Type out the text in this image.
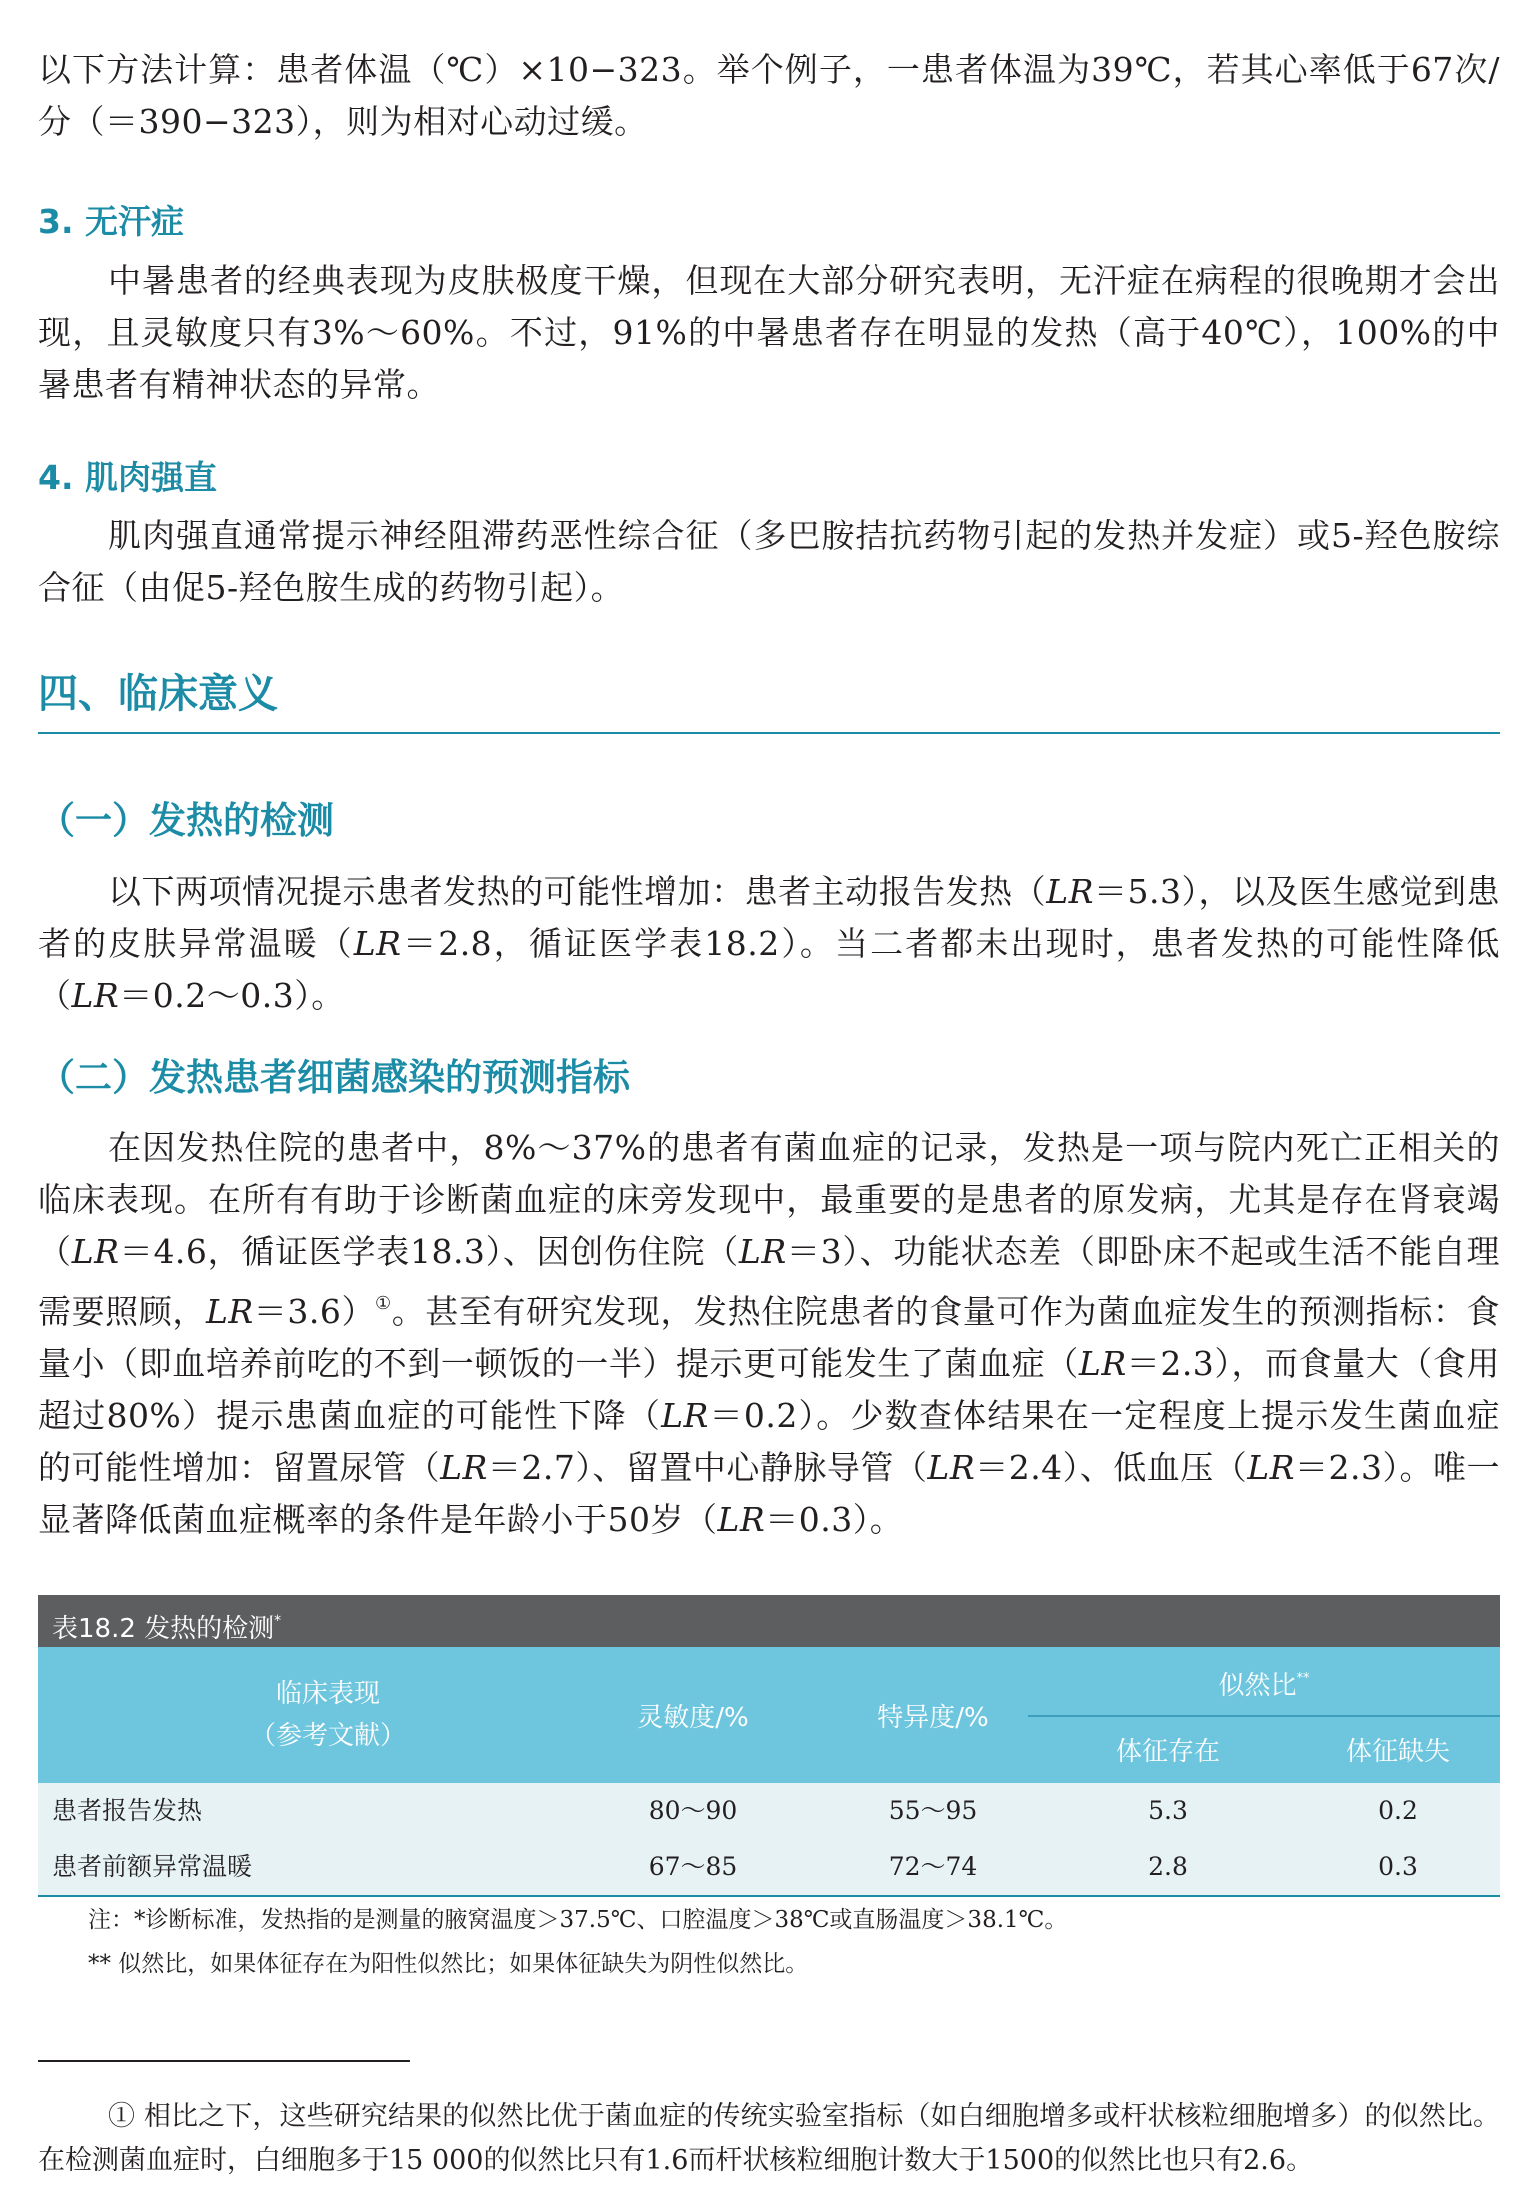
以下方法计算：患者体温（℃）×10−323。举个例子，一患者体温为39℃，若其心率低于67次/分（＝390−323），则为相对心动过缓。

3. 无汗症

中暑患者的经典表现为皮肤极度干燥，但现在大部分研究表明，无汗症在病程的很晚期才会出现，且灵敏度只有3%～60%。不过，91%的中暑患者存在明显的发热（高于40℃），100%的中暑患者有精神状态的异常。

4. 肌肉强直

肌肉强直通常提示神经阻滞药恶性综合征（多巴胺拮抗药物引起的发热并发症）或5-羟色胺综合征（由促5-羟色胺生成的药物引起）。

四、临床意义
（一）发热的检测

以下两项情况提示患者发热的可能性增加：患者主动报告发热（LR＝5.3），以及医生感觉到患者的皮肤异常温暖（LR＝2.8，循证医学表18.2）。当二者都未出现时，患者发热的可能性降低（LR＝0.2～0.3）。

（二）发热患者细菌感染的预测指标

在因发热住院的患者中，8%～37%的患者有菌血症的记录，发热是一项与院内死亡正相关的临床表现。在所有有助于诊断菌血症的床旁发现中，最重要的是患者的原发病，尤其是存在肾衰竭（LR＝4.6，循证医学表18.3）、因创伤住院（LR＝3）、功能状态差（即卧床不起或生活不能自理需要照顾，LR＝3.6）①。甚至有研究发现，发热住院患者的食量可作为菌血症发生的预测指标：食量小（即血培养前吃的不到一顿饭的一半）提示更可能发生了菌血症（LR＝2.3），而食量大（食用超过80%）提示患菌血症的可能性下降（LR＝0.2）。少数查体结果在一定程度上提示发生菌血症的可能性增加：留置尿管（LR＝2.7）、留置中心静脉导管（LR＝2.4）、低血压（LR＝2.3）。唯一显著降低菌血症概率的条件是年龄小于50岁（LR＝0.3）。

表18.2 发热的检测*
临床表现
（参考文献）
灵敏度/%	特异度/%
似然比**
体征存在	体征缺失
患者报告发热	80～90	55～95	5.3	0.2
患者前额异常温暖	67～85	72～74	2.8	0.3
注：*诊断标准，发热指的是测量的腋窝温度＞37.5℃、口腔温度＞38℃或直肠温度＞38.1℃。
** 似然比，如果体征存在为阳性似然比；如果体征缺失为阴性似然比。

① 相比之下，这些研究结果的似然比优于菌血症的传统实验室指标（如白细胞增多或杆状核粒细胞增多）的似然比。在检测菌血症时，白细胞多于15 000的似然比只有1.6而杆状核粒细胞计数大于1500的似然比也只有2.6。
